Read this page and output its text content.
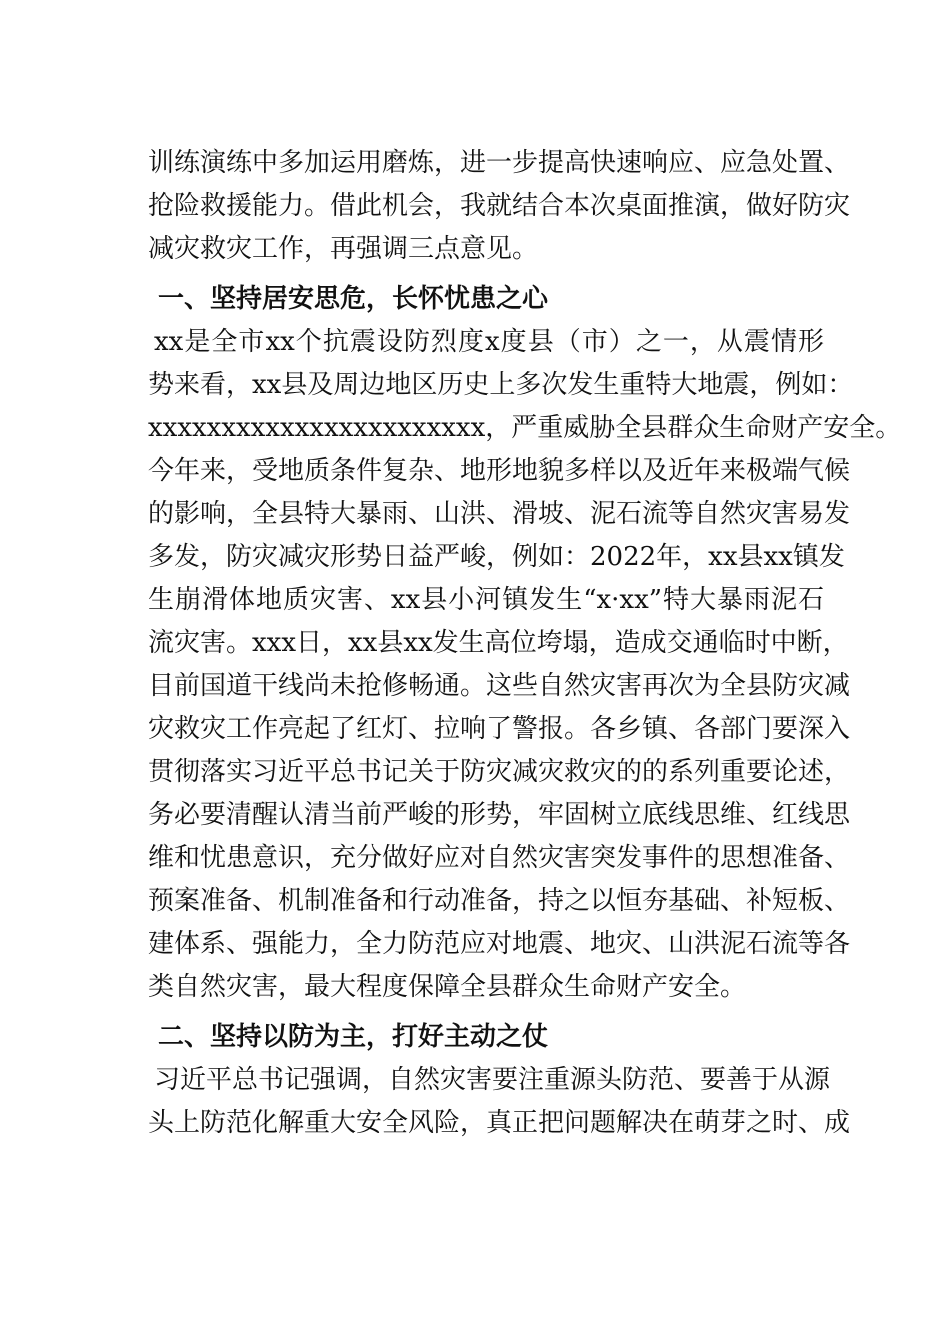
训练演练中多加运用磨炼，进一步提高快速响应、应急处置、
抢险救援能力。借此机会，我就结合本次桌面推演，做好防灾
减灾救灾工作，再强调三点意见。
一、坚持居安思危，长怀忧患之心
xx是全市xx个抗震设防烈度x度县（市）之一，从震情形
势来看，xx县及周边地区历史上多次发生重特大地震，例如：
xxxxxxxxxxxxxxxxxxxxxxx，严重威胁全县群众生命财产安全。
今年来，受地质条件复杂、地形地貌多样以及近年来极端气候
的影响，全县特大暴雨、山洪、滑坡、泥石流等自然灾害易发
多发，防灾减灾形势日益严峻，例如：2022年，xx县xx镇发
生崩滑体地质灾害、xx县小河镇发生“x·xx”特大暴雨泥石
流灾害。xxx日，xx县xx发生高位垮塌，造成交通临时中断，
目前国道干线尚未抢修畅通。这些自然灾害再次为全县防灾减
灾救灾工作亮起了红灯、拉响了警报。各乡镇、各部门要深入
贯彻落实习近平总书记关于防灾减灾救灾的的系列重要论述，
务必要清醒认清当前严峻的形势，牢固树立底线思维、红线思
维和忧患意识，充分做好应对自然灾害突发事件的思想准备、
预案准备、机制准备和行动准备，持之以恒夯基础、补短板、
建体系、强能力，全力防范应对地震、地灾、山洪泥石流等各
类自然灾害，最大程度保障全县群众生命财产安全。
二、坚持以防为主，打好主动之仗
习近平总书记强调，自然灾害要注重源头防范、要善于从源
头上防范化解重大安全风险，真正把问题解决在萌芽之时、成
